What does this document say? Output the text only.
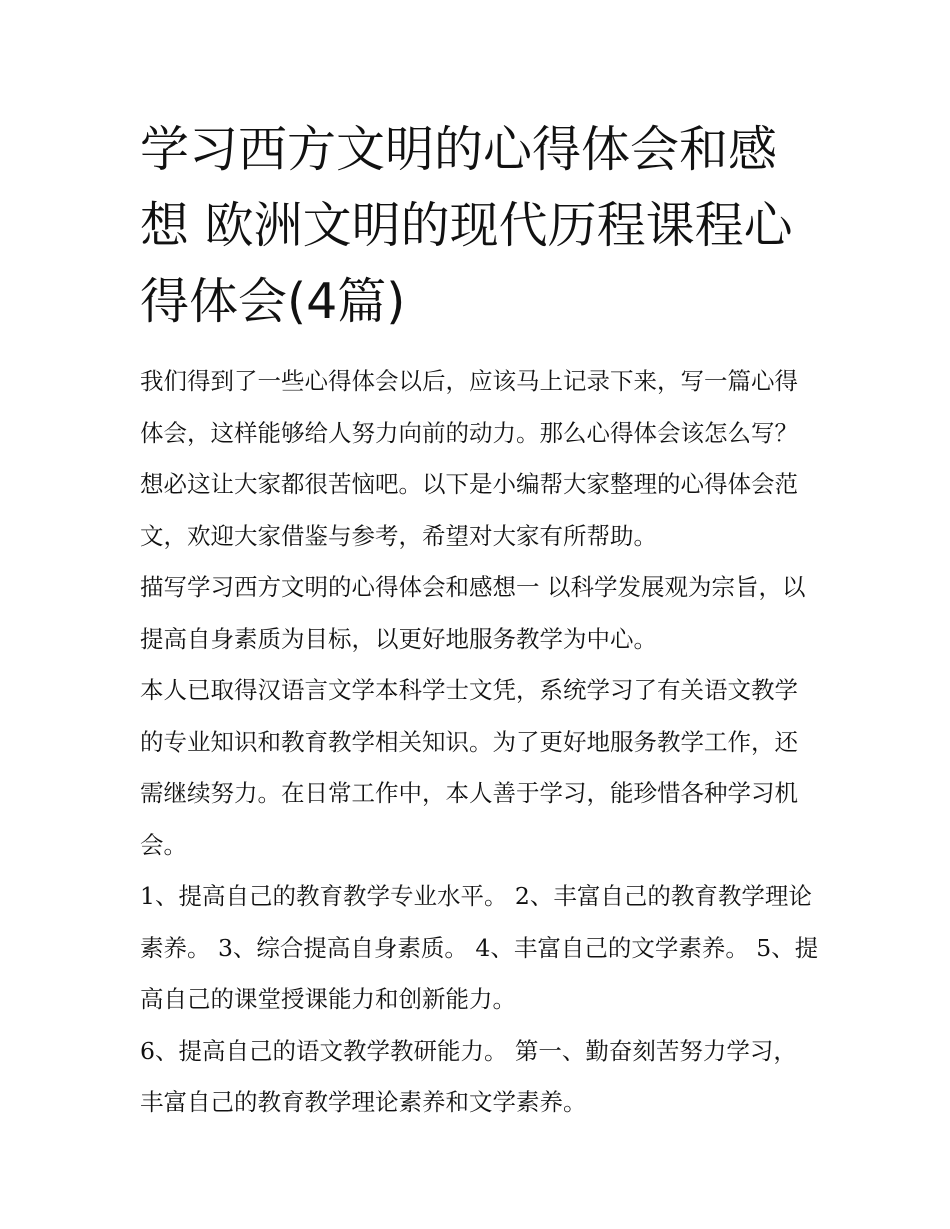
学习西方文明的心得体会和感想 欧洲文明的现代历程课程心得体会(4篇)

我们得到了一些心得体会以后，应该马上记录下来，写一篇心得体会，这样能够给人努力向前的动力。那么心得体会该怎么写？想必这让大家都很苦恼吧。以下是小编帮大家整理的心得体会范文，欢迎大家借鉴与参考，希望对大家有所帮助。

描写学习西方文明的心得体会和感想一 以科学发展观为宗旨，以提高自身素质为目标，以更好地服务教学为中心。

本人已取得汉语言文学本科学士文凭，系统学习了有关语文教学的专业知识和教育教学相关知识。为了更好地服务教学工作，还需继续努力。在日常工作中，本人善于学习，能珍惜各种学习机会。

1、提高自己的教育教学专业水平。 2、丰富自己的教育教学理论素养。 3、综合提高自身素质。 4、丰富自己的文学素养。 5、提高自己的课堂授课能力和创新能力。

6、提高自己的语文教学教研能力。 第一、勤奋刻苦努力学习，丰富自己的教育教学理论素养和文学素养。
